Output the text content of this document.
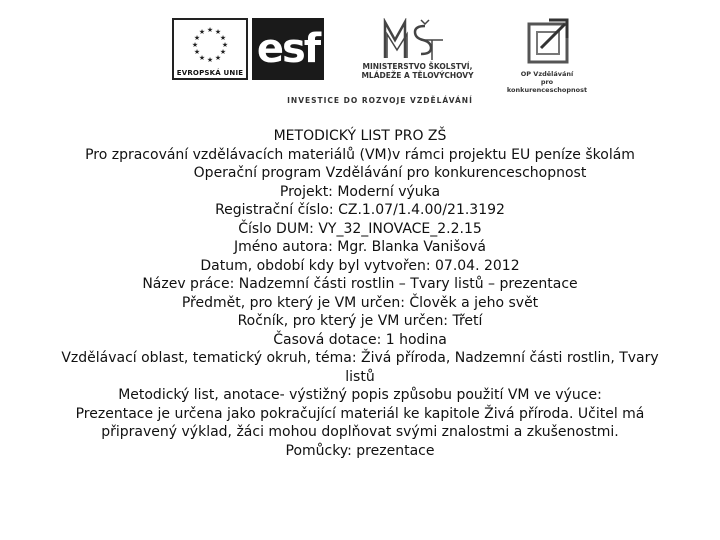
★ ★
★
★
★
★
★
★
★
★
★
★
EVROPSKÁ UNIE
esf	MINISTERSTVO ŠKOLSTVÍ,
MLÁDEŽE A TĚLOVÝCHOVY	OP Vzdělávání
pro konkurenceschopnost
INVESTICE DO ROZVOJE VZDĚLÁVÁNÍ
METODICKÝ LIST PRO ZŠ
Pro zpracování vzdělávacích materiálů (VM)v rámci projektu EU peníze školám
Operační program Vzdělávání pro konkurenceschopnost
Projekt: Moderní výuka
Registrační číslo: CZ.1.07/1.4.00/21.3192
Číslo DUM: VY_32_INOVACE_2.2.15
Jméno autora: Mgr. Blanka Vanišová
Datum, období kdy byl vytvořen: 07.04. 2012
Název práce: Nadzemní části rostlin – Tvary listů – prezentace
Předmět, pro který je VM určen: Člověk a jeho svět
Ročník, pro který je VM určen: Třetí
Časová dotace: 1 hodina
Vzdělávací oblast, tematický okruh, téma: Živá příroda, Nadzemní části rostlin, Tvary
listů
Metodický list, anotace- výstižný popis způsobu použití VM ve výuce:
Prezentace je určena jako pokračující materiál ke kapitole Živá příroda. Učitel má
připravený výklad, žáci mohou doplňovat svými znalostmi a zkušenostmi.
Pomůcky: prezentace
